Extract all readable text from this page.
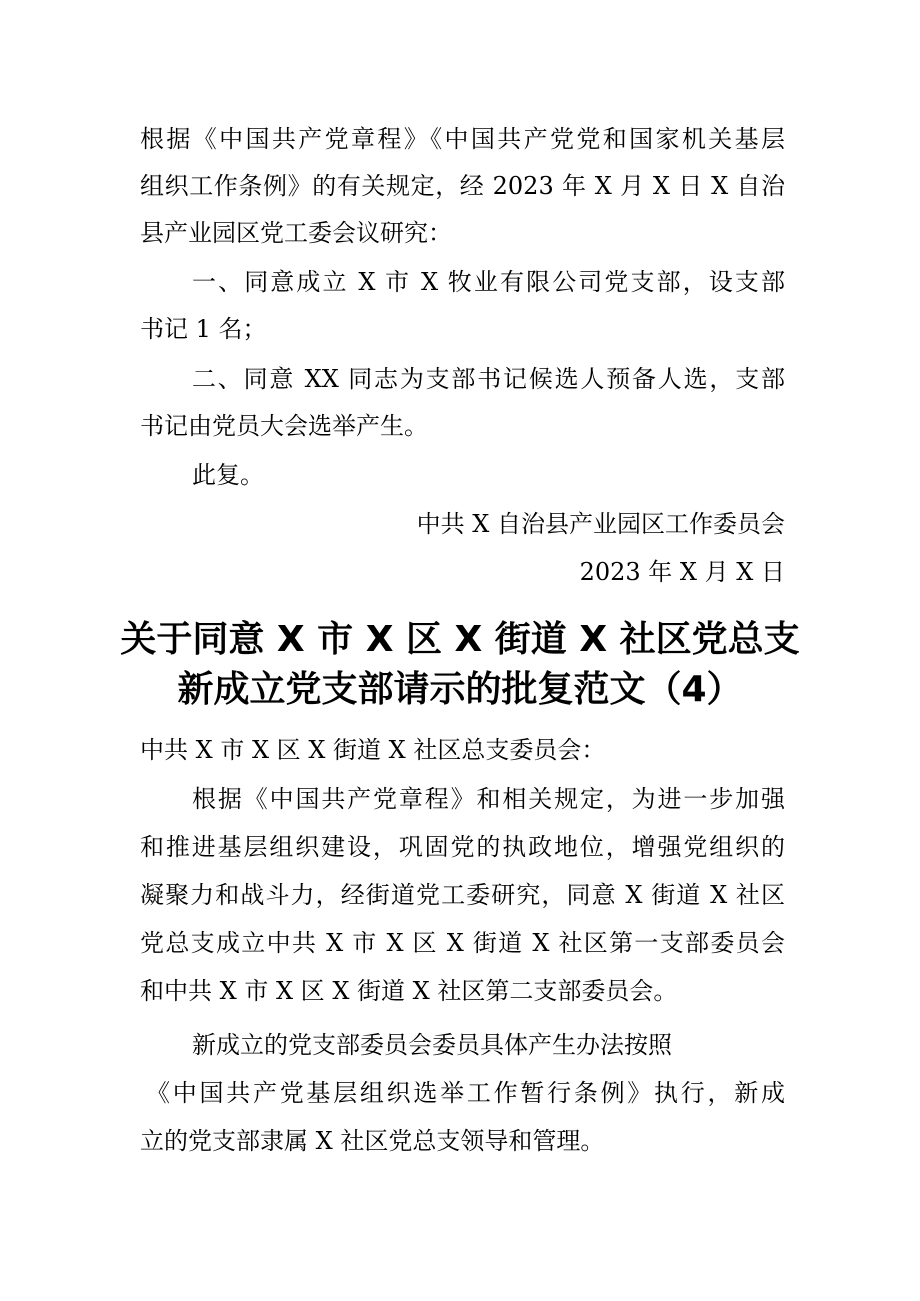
根据《中国共产党章程》《中国共产党党和国家机关基层
组织工作条例》的有关规定，经 2023 年 X 月 X 日 X 自治
县产业园区党工委会议研究：
一、同意成立 X 市 X 牧业有限公司党支部，设支部
书记 1 名；
二、同意 XX 同志为支部书记候选人预备人选，支部
书记由党员大会选举产生。
此复。
中共 X 自治县产业园区工作委员会
2023 年 X 月 X 日
关于同意 X 市 X 区 X 街道 X 社区党总支
新成立党支部请示的批复范文（4）
中共 X 市 X 区 X 街道 X 社区总支委员会：
根据《中国共产党章程》和相关规定，为进一步加强
和推进基层组织建设，巩固党的执政地位，增强党组织的
凝聚力和战斗力，经街道党工委研究，同意 X 街道 X 社区
党总支成立中共 X 市 X 区 X 街道 X 社区第一支部委员会
和中共 X 市 X 区 X 街道 X 社区第二支部委员会。
新成立的党支部委员会委员具体产生办法按照
《中国共产党基层组织选举工作暂行条例》执行，新成
立的党支部隶属 X 社区党总支领导和管理。
